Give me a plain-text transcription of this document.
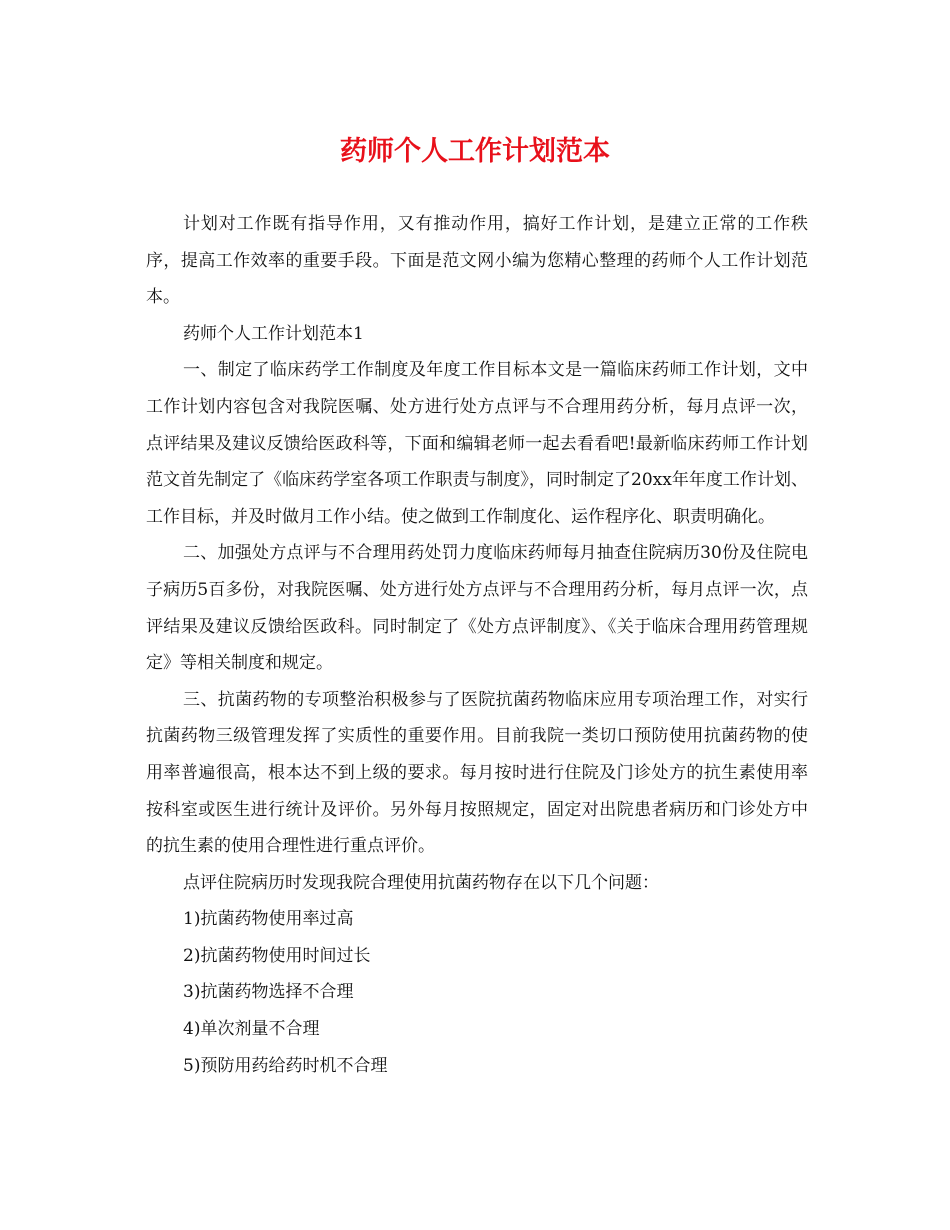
药师个人工作计划范本

计划对工作既有指导作用，又有推动作用，搞好工作计划，是建立正常的工作秩序，提高工作效率的重要手段。下面是范文网小编为您精心整理的药师个人工作计划范本。

药师个人工作计划范本1

一、制定了临床药学工作制度及年度工作目标本文是一篇临床药师工作计划，文中工作计划内容包含对我院医嘱、处方进行处方点评与不合理用药分析，每月点评一次，点评结果及建议反馈给医政科等，下面和编辑老师一起去看看吧!最新临床药师工作计划范文首先制定了《临床药学室各项工作职责与制度》，同时制定了20xx年年度工作计划、工作目标，并及时做月工作小结。使之做到工作制度化、运作程序化、职责明确化。

二、加强处方点评与不合理用药处罚力度临床药师每月抽查住院病历30份及住院电子病历5百多份，对我院医嘱、处方进行处方点评与不合理用药分析，每月点评一次，点评结果及建议反馈给医政科。同时制定了《处方点评制度》、《关于临床合理用药管理规定》等相关制度和规定。

三、抗菌药物的专项整治积极参与了医院抗菌药物临床应用专项治理工作，对实行抗菌药物三级管理发挥了实质性的重要作用。目前我院一类切口预防使用抗菌药物的使用率普遍很高，根本达不到上级的要求。每月按时进行住院及门诊处方的抗生素使用率按科室或医生进行统计及评价。另外每月按照规定，固定对出院患者病历和门诊处方中的抗生素的使用合理性进行重点评价。

点评住院病历时发现我院合理使用抗菌药物存在以下几个问题：

1)抗菌药物使用率过高

2)抗菌药物使用时间过长

3)抗菌药物选择不合理

4)单次剂量不合理

5)预防用药给药时机不合理
